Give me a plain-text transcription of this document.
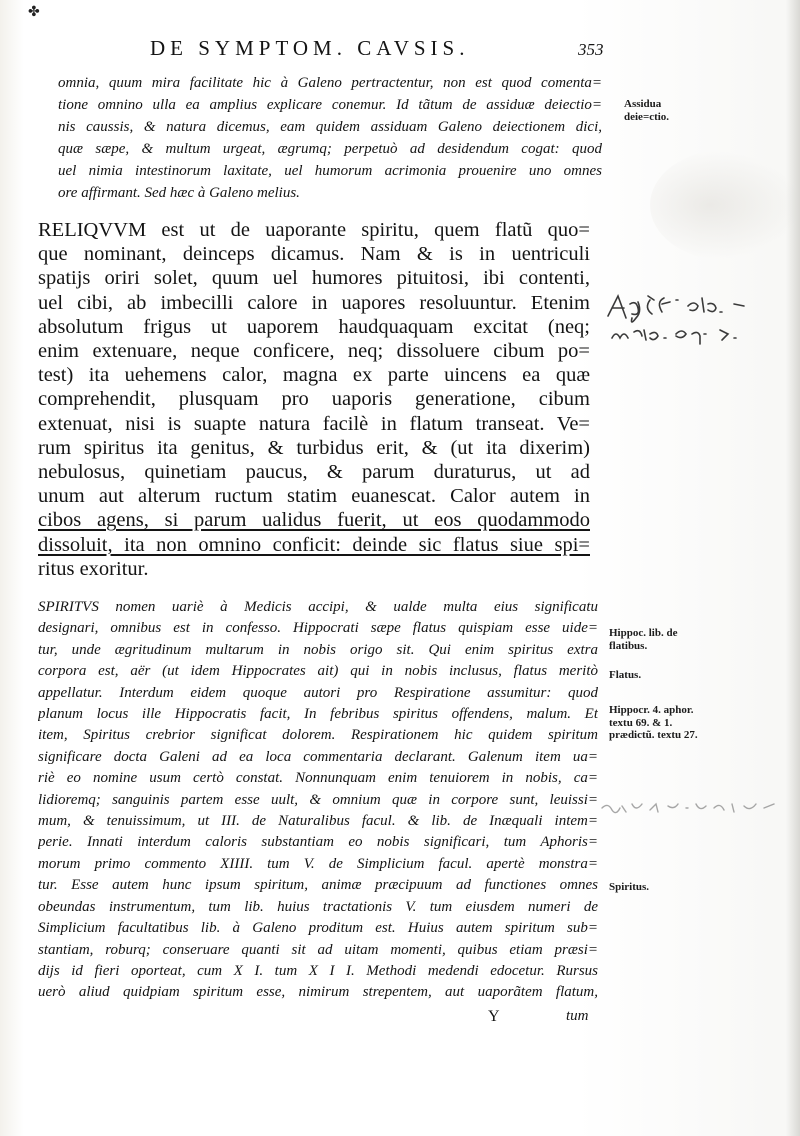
✤
DE SYMPTOM. CAVSIS.	353
omnia, quum mira facilitate hic à Galeno pertractentur, non est quod comenta=
tione omnino ulla ea amplius explicare conemur. Id tãtum de assiduæ deiectio=
nis caussis, & natura dicemus, eam quidem assiduam Galeno deiectionem dici,
quæ sæpe, & multum urgeat, ægrumq; perpetuò ad desidendum cogat: quod
uel nimia intestinorum laxitate, uel humorum acrimonia prouenire uno omnes
ore affirmant. Sed hæc à Galeno melius.
RELIQVVM est ut de uaporante spiritu, quem flatũ quo=
que nominant, deinceps dicamus. Nam & is in uentriculi
spatijs oriri solet, quum uel humores pituitosi, ibi contenti,
uel cibi, ab imbecilli calore in uapores resoluuntur. Etenim
absolutum frigus ut uaporem haudquaquam excitat (neq;
enim extenuare, neque conficere, neq; dissoluere cibum po=
test) ita uehemens calor, magna ex parte uincens ea quæ
comprehendit, plusquam pro uaporis generatione, cibum
extenuat, nisi is suapte natura facilè in flatum transeat. Ve=
rum spiritus ita genitus, & turbidus erit, & (ut ita dixerim)
nebulosus, quinetiam paucus, & parum duraturus, ut ad
unum aut alterum ructum statim euanescat. Calor autem in
cibos agens, si parum ualidus fuerit, ut eos quodammodo
dissoluit, ita non omnino conficit: deinde sic flatus siue spi=
ritus exoritur.
SPIRITVS nomen uariè à Medicis accipi, & ualde multa eius significatu
designari, omnibus est in confesso. Hippocrati sæpe flatus quispiam esse uide=
tur, unde ægritudinum multarum in nobis origo sit. Qui enim spiritus extra
corpora est, aër (ut idem Hippocrates ait) qui in nobis inclusus, flatus meritò
appellatur. Interdum eidem quoque autori pro Respiratione assumitur: quod
planum locus ille Hippocratis facit, In febribus spiritus offendens, malum. Et
item, Spiritus crebrior significat dolorem. Respirationem hic quidem spiritum
significare docta Galeni ad ea loca commentaria declarant. Galenum item ua=
riè eo nomine usum certò constat. Nonnunquam enim tenuiorem in nobis, ca=
lidioremq; sanguinis partem esse uult, & omnium quæ in corpore sunt, leuissi=
mum, & tenuissimum, ut III. de Naturalibus facul. & lib. de Inæquali intem=
perie. Innati interdum caloris substantiam eo nobis significari, tum Aphoris=
morum primo commento XIIII. tum V. de Simplicium facul. apertè monstra=
tur. Esse autem hunc ipsum spiritum, animæ præcipuum ad functiones omnes
obeundas instrumentum, tum lib. huius tractationis V. tum eiusdem numeri de
Simplicium facultatibus lib. à Galeno proditum est. Huius autem spiritum sub=
stantiam, roburq; conseruare quanti sit ad uitam momenti, quibus etiam præsi=
dijs id fieri oporteat, cum X I. tum X I I. Methodi medendi edocetur. Rursus
uerò aliud quidpiam spiritum esse, nimirum strepentem, aut uaporãtem flatum,
Y	tum
Assidua deie=ctio.
Hippoc. lib. de flatibus.
Flatus.
Hippocr. 4. aphor. textu 69. & 1. prædictũ. textu 27.
Spiritus.
